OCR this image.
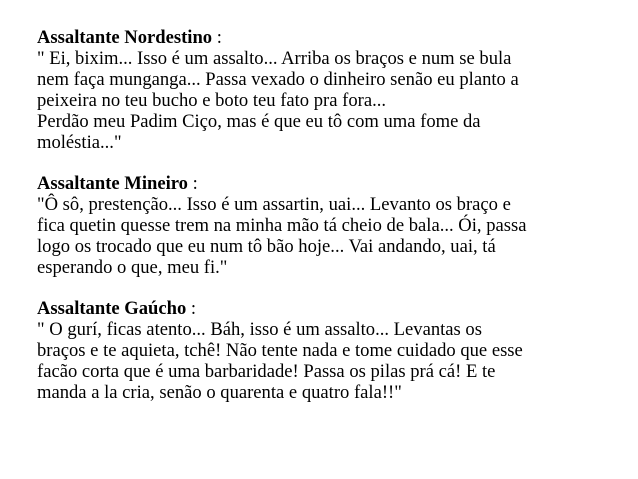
Assaltante Nordestino :
" Ei, bixim... Isso é um assalto... Arriba os braços e num se bula
nem faça munganga... Passa vexado o dinheiro senão eu planto a
peixeira no teu bucho e boto teu fato pra fora...
Perdão meu Padim Ciço, mas é que eu tô com uma fome da
moléstia..."
Assaltante Mineiro :
"Ô sô, prestenção... Isso é um assartin, uai... Levanto os braço e
fica quetin quesse trem na minha mão tá cheio de bala... Ói, passa
logo os trocado que eu num tô bão hoje... Vai andando, uai, tá
esperando o que, meu fi."
Assaltante Gaúcho :
" O gurí, ficas atento... Báh, isso é um assalto... Levantas os
braços e te aquieta, tchê! Não tente nada e tome cuidado que esse
facão corta que é uma barbaridade! Passa os pilas prá cá! E te
manda a la cria, senão o quarenta e quatro fala!!"
